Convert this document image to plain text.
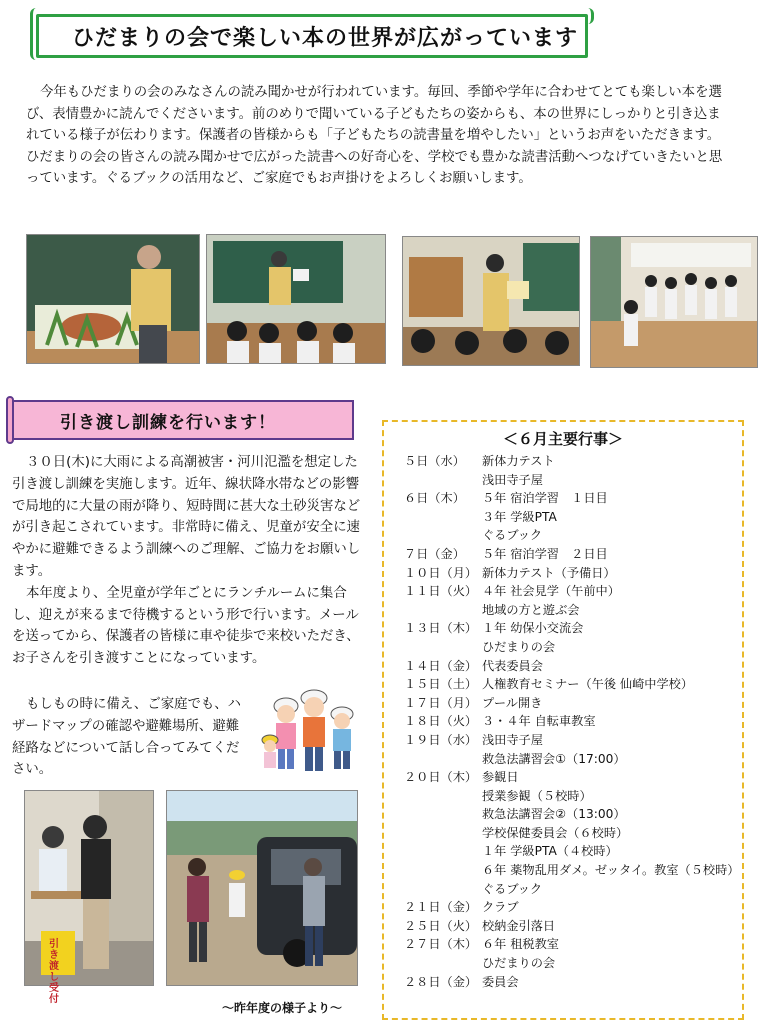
ひだまりの会で楽しい本の世界が広がっています
今年もひだまりの会のみなさんの読み聞かせが行われています。毎回、季節や学年に合わせてとても楽しい本を選び、表情豊かに読んでくださいます。前のめりで聞いている子どもたちの姿からも、本の世界にしっかりと引き込まれている様子が伝わります。保護者の皆様からも「子どもたちの読書量を増やしたい」というお声をいただきます。ひだまりの会の皆さんの読み聞かせで広がった読書への好奇心を、学校でも豊かな読書活動へつなげていきたいと思っています。ぐるブックの活用など、ご家庭でもお声掛けをよろしくお願いします。
引き渡し訓練を行います！

３０日(木)に大雨による高潮被害・河川氾濫を想定した引き渡し訓練を実施します。近年、線状降水帯などの影響で局地的に大量の雨が降り、短時間に甚大な土砂災害などが引き起こされています。非常時に備え、児童が安全に速やかに避難できるよう訓練へのご理解、ご協力をお願いします。

本年度より、全児童が学年ごとにランチルームに集合し、迎えが来るまで待機するという形で行います。メールを送ってから、保護者の皆様に車や徒歩で来校いただき、お子さんを引き渡すことになっています。

もしもの時に備え、ご家庭でも、ハザードマップの確認や避難場所、避難経路などについて話し合ってみてください。
引き渡し受付
～昨年度の様子より～
＜６月主要行事＞
５日（水）	新体力テスト
浅田寺子屋
６日（木）	５年 宿泊学習　１日目
３年 学級PTA
ぐるブック
７日（金）	５年 宿泊学習　２日目
１０日（月） 新体力テスト（予備日）
１１日（火） ４年 社会見学（午前中）
地域の方と遊ぶ会
１３日（木） １年 幼保小交流会
ひだまりの会
１４日（金） 代表委員会
１５日（土） 人権教育セミナー（午後 仙崎中学校）
１７日（月） プール開き
１８日（火） ３・４年 自転車教室
１９日（水） 浅田寺子屋
救急法講習会①（17:00）
２０日（木） 参観日
授業参観（５校時）
救急法講習会②（13:00）
学校保健委員会（６校時）
１年 学級PTA（４校時）
６年 薬物乱用ダメ。ゼッタイ。教室（５校時）
ぐるブック
２１日（金） クラブ
２５日（火） 校納金引落日
２７日（木） ６年 租税教室
ひだまりの会
２８日（金） 委員会
